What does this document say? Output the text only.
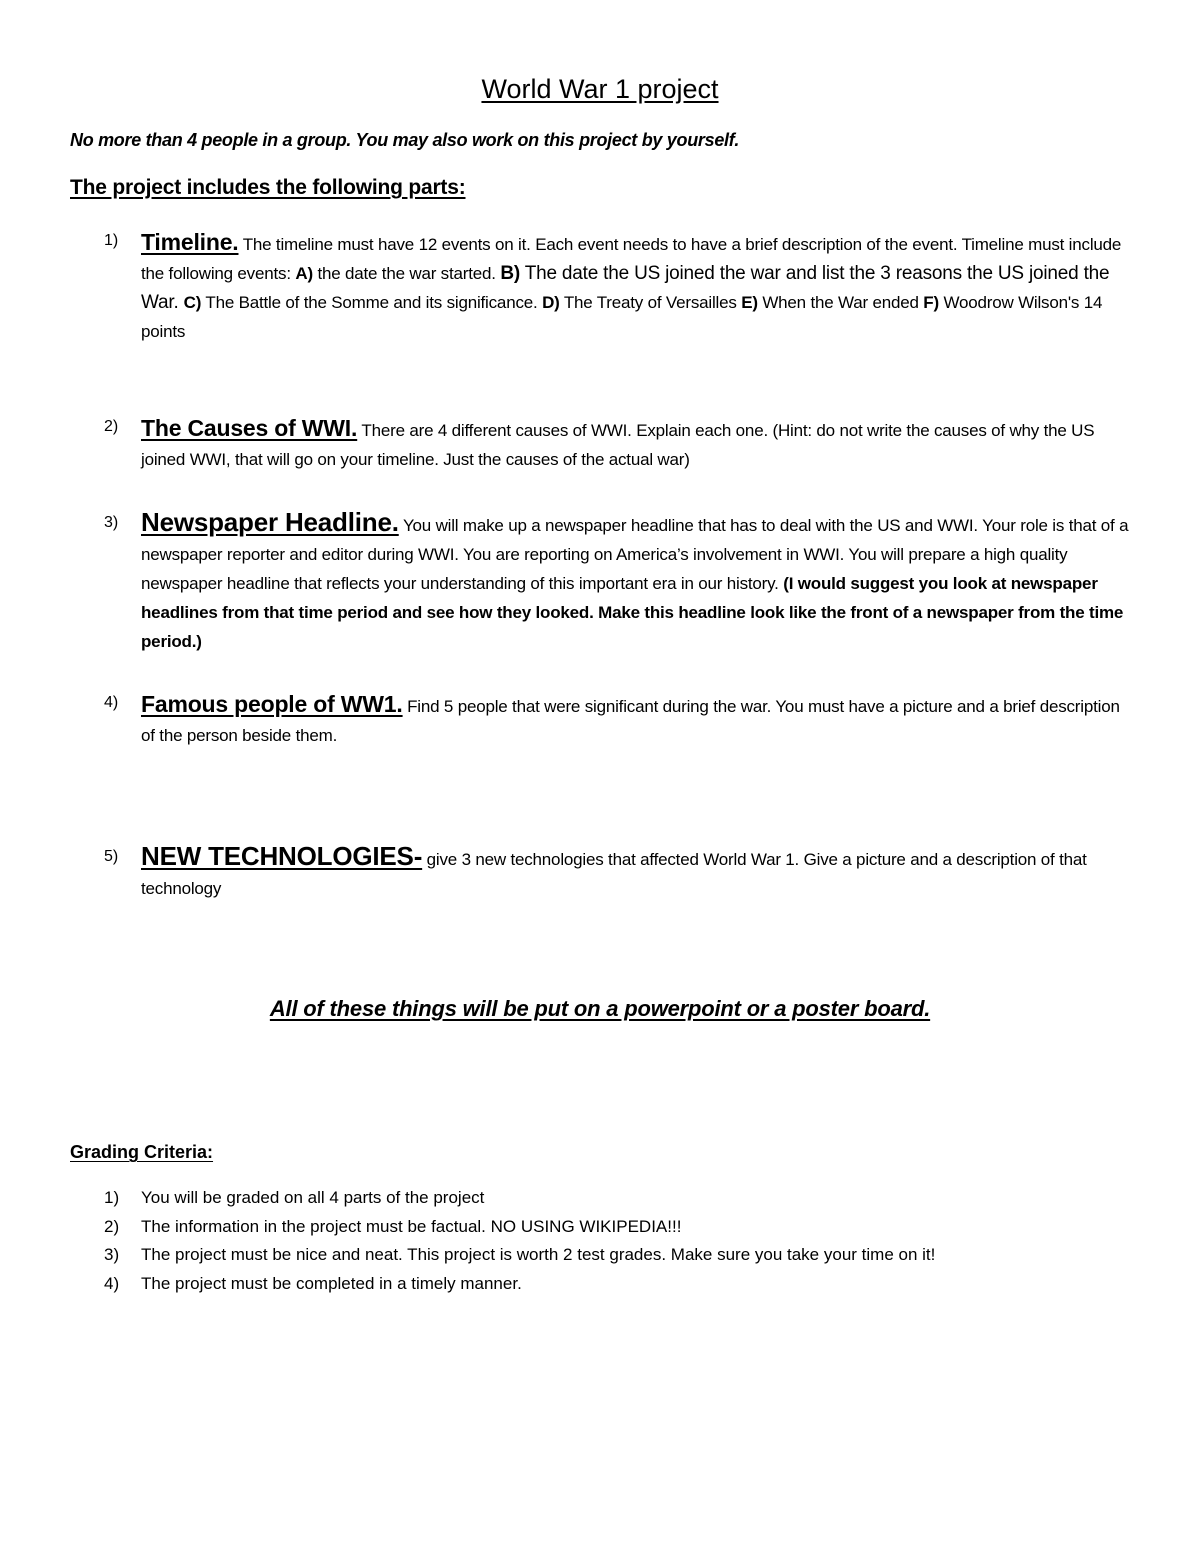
World War 1 project
No more than 4 people in a group. You may also work on this project by yourself.
The project includes the following parts:
1) Timeline. The timeline must have 12 events on it. Each event needs to have a brief description of the event. Timeline must include the following events: A) the date the war started. B) The date the US joined the war and list the 3 reasons the US joined the War. C) The Battle of the Somme and its significance. D) The Treaty of Versailles E) When the War ended F) Woodrow Wilson's 14 points
2) The Causes of WWI. There are 4 different causes of WWI. Explain each one. (Hint: do not write the causes of why the US joined WWI, that will go on your timeline. Just the causes of the actual war)
3) Newspaper Headline. You will make up a newspaper headline that has to deal with the US and WWI. Your role is that of a newspaper reporter and editor during WWI. You are reporting on America’s involvement in WWI. You will prepare a high quality newspaper headline that reflects your understanding of this important era in our history. (I would suggest you look at newspaper headlines from that time period and see how they looked. Make this headline look like the front of a newspaper from the time period.)
4) Famous people of WW1. Find 5 people that were significant during the war. You must have a picture and a brief description of the person beside them.
5) NEW TECHNOLOGIES- give 3 new technologies that affected World War 1. Give a picture and a description of that technology
All of these things will be put on a powerpoint or a poster board.
Grading Criteria:
1)	You will be graded on all 4 parts of the project
2)	The information in the project must be factual. NO USING WIKIPEDIA!!!
3)	The project must be nice and neat. This project is worth 2 test grades. Make sure you take your time on it!
4)	The project must be completed in a timely manner.
